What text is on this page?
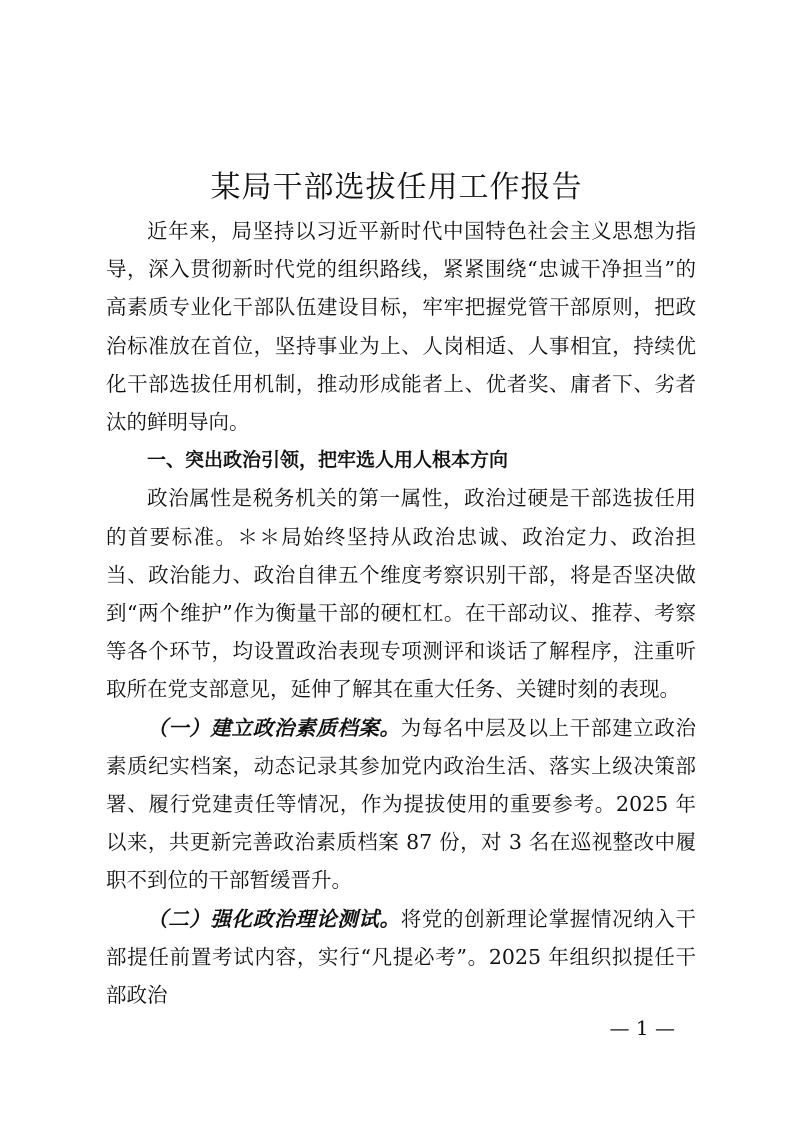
某局干部选拔任用工作报告

近年来，局坚持以习近平新时代中国特色社会主义思想为指导，深入贯彻新时代党的组织路线，紧紧围绕“忠诚干净担当”的高素质专业化干部队伍建设目标，牢牢把握党管干部原则，把政治标准放在首位，坚持事业为上、人岗相适、人事相宜，持续优化干部选拔任用机制，推动形成能者上、优者奖、庸者下、劣者汰的鲜明导向。

一、突出政治引领，把牢选人用人根本方向

政治属性是税务机关的第一属性，政治过硬是干部选拔任用的首要标准。＊＊局始终坚持从政治忠诚、政治定力、政治担当、政治能力、政治自律五个维度考察识别干部，将是否坚决做到“两个维护”作为衡量干部的硬杠杠。在干部动议、推荐、考察等各个环节，均设置政治表现专项测评和谈话了解程序，注重听取所在党支部意见，延伸了解其在重大任务、关键时刻的表现。

（一）建立政治素质档案。为每名中层及以上干部建立政治素质纪实档案，动态记录其参加党内政治生活、落实上级决策部署、履行党建责任等情况，作为提拔使用的重要参考。2025 年以来，共更新完善政治素质档案 87 份，对 3 名在巡视整改中履职不到位的干部暂缓晋升。

（二）强化政治理论测试。将党的创新理论掌握情况纳入干部提任前置考试内容，实行“凡提必考”。2025 年组织拟提任干部政治

— 1 —
